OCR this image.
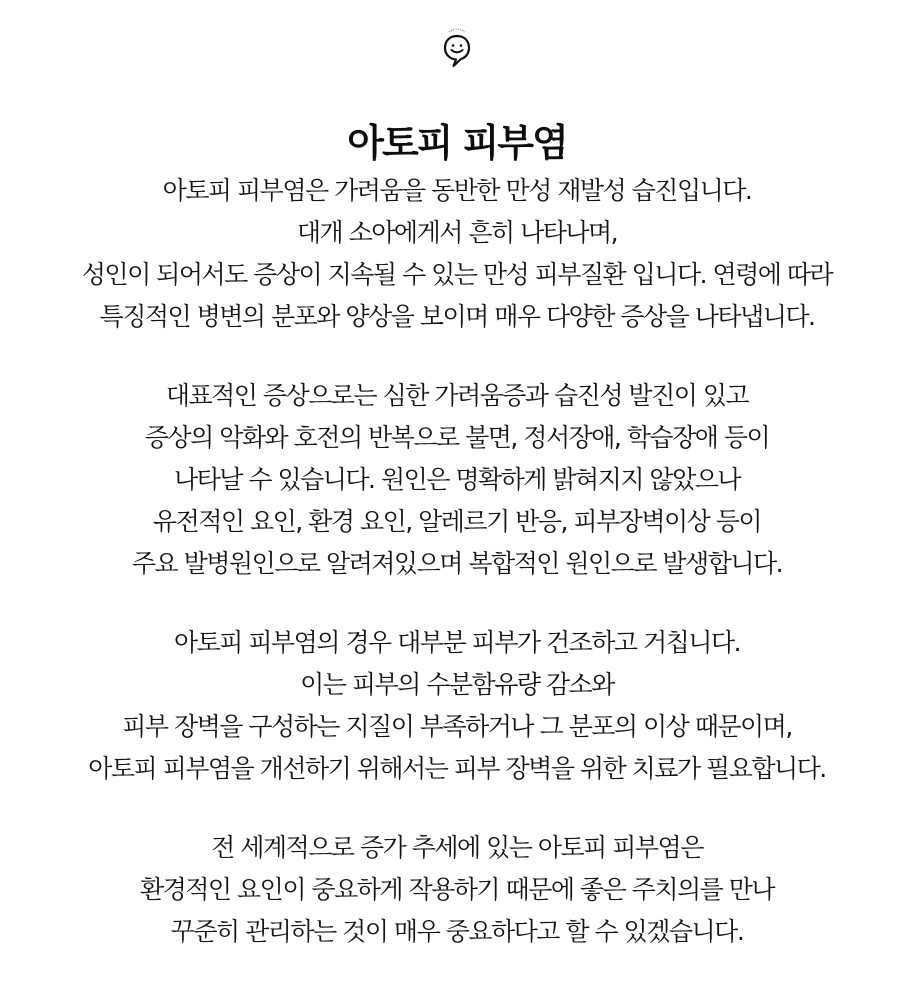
아토피 피부염

아토피 피부염은 가려움을 동반한 만성 재발성 습진입니다.
대개 소아에게서 흔히 나타나며,
성인이 되어서도 증상이 지속될 수 있는 만성 피부질환 입니다. 연령에 따라
특징적인 병변의 분포와 양상을 보이며 매우 다양한 증상을 나타냅니다.

대표적인 증상으로는 심한 가려움증과 습진성 발진이 있고
증상의 악화와 호전의 반복으로 불면, 정서장애, 학습장애 등이
나타날 수 있습니다. 원인은 명확하게 밝혀지지 않았으나
유전적인 요인, 환경 요인, 알레르기 반응, 피부장벽이상 등이
주요 발병원인으로 알려져있으며 복합적인 원인으로 발생합니다.

아토피 피부염의 경우 대부분 피부가 건조하고 거칩니다.
이는 피부의 수분함유량 감소와
피부 장벽을 구성하는 지질이 부족하거나 그 분포의 이상 때문이며,
아토피 피부염을 개선하기 위해서는 피부 장벽을 위한 치료가 필요합니다.

전 세계적으로 증가 추세에 있는 아토피 피부염은
환경적인 요인이 중요하게 작용하기 때문에 좋은 주치의를 만나
꾸준히 관리하는 것이 매우 중요하다고 할 수 있겠습니다.
